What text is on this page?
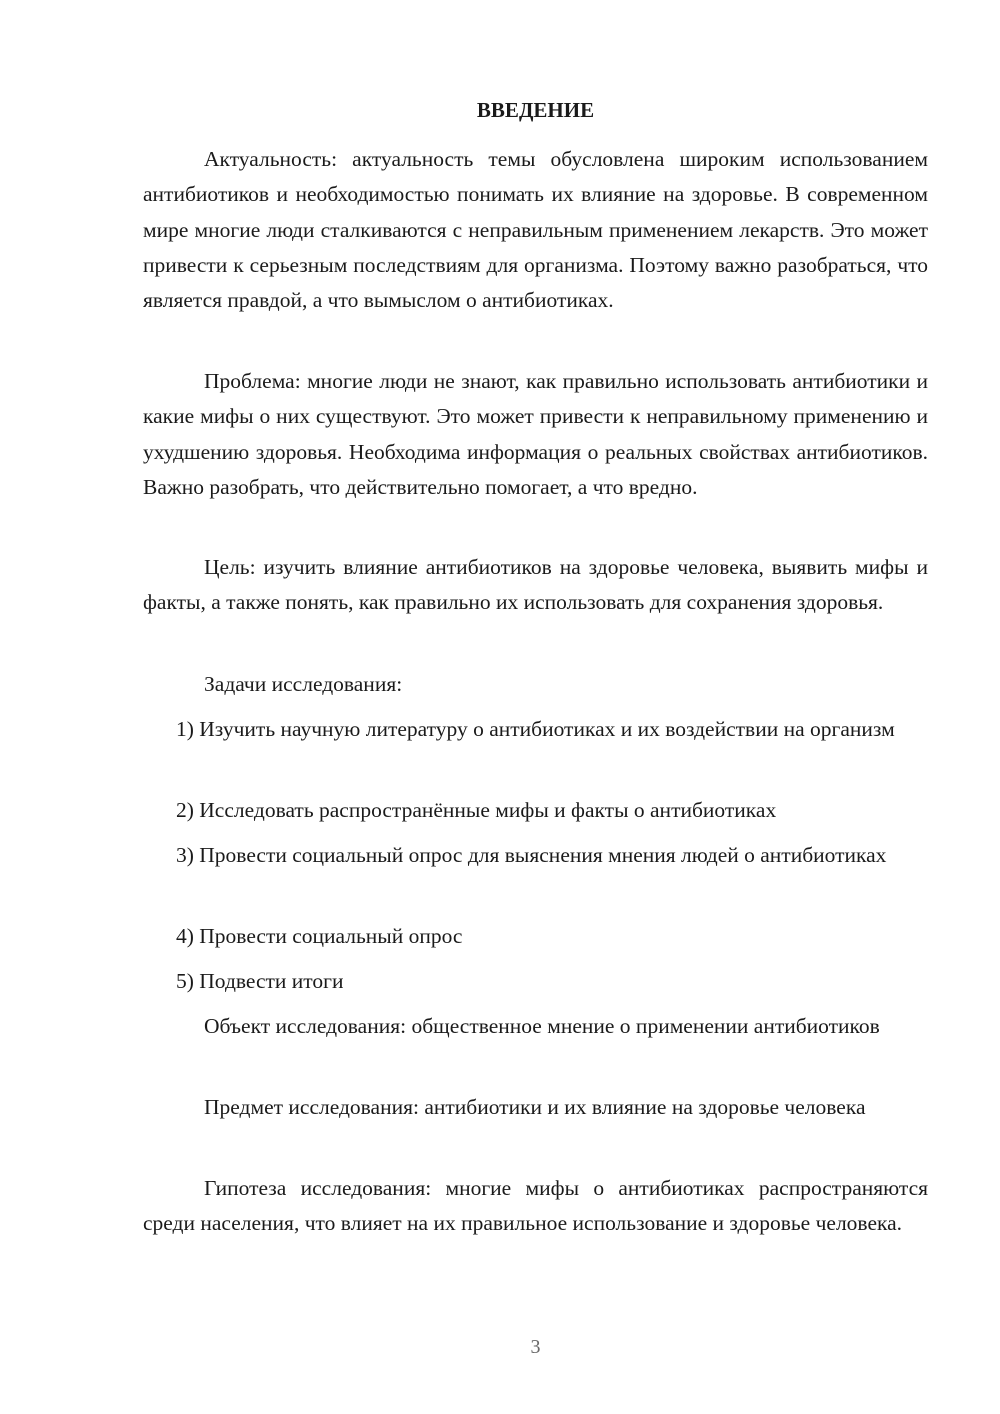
ВВЕДЕНИЕ

Актуальность: актуальность темы обусловлена широким использованием антибиотиков и необходимостью понимать их влияние на здоровье. В современном мире многие люди сталкиваются с неправильным применением лекарств. Это может привести к серьезным последствиям для организма. Поэтому важно разобраться, что является правдой, а что вымыслом о антибиотиках.

Проблема: многие люди не знают, как правильно использовать антибиотики и какие мифы о них существуют. Это может привести к неправильному применению и ухудшению здоровья. Необходима информация о реальных свойствах антибиотиков. Важно разобрать, что действительно помогает, а что вредно.

Цель: изучить влияние антибиотиков на здоровье человека, выявить мифы и факты, а также понять, как правильно их использовать для сохранения здоровья.

Задачи исследования:

1) Изучить научную литературу о антибиотиках и их воздействии на организм

2) Исследовать распространённые мифы и факты о антибиотиках

3) Провести социальный опрос для выяснения мнения людей о антибиотиках

4) Провести социальный опрос

5) Подвести итоги

Объект исследования: общественное мнение о применении антибиотиков

Предмет исследования: антибиотики и их влияние на здоровье человека

Гипотеза исследования: многие мифы о антибиотиках распространяются среди населения, что влияет на их правильное использование и здоровье человека.

3
